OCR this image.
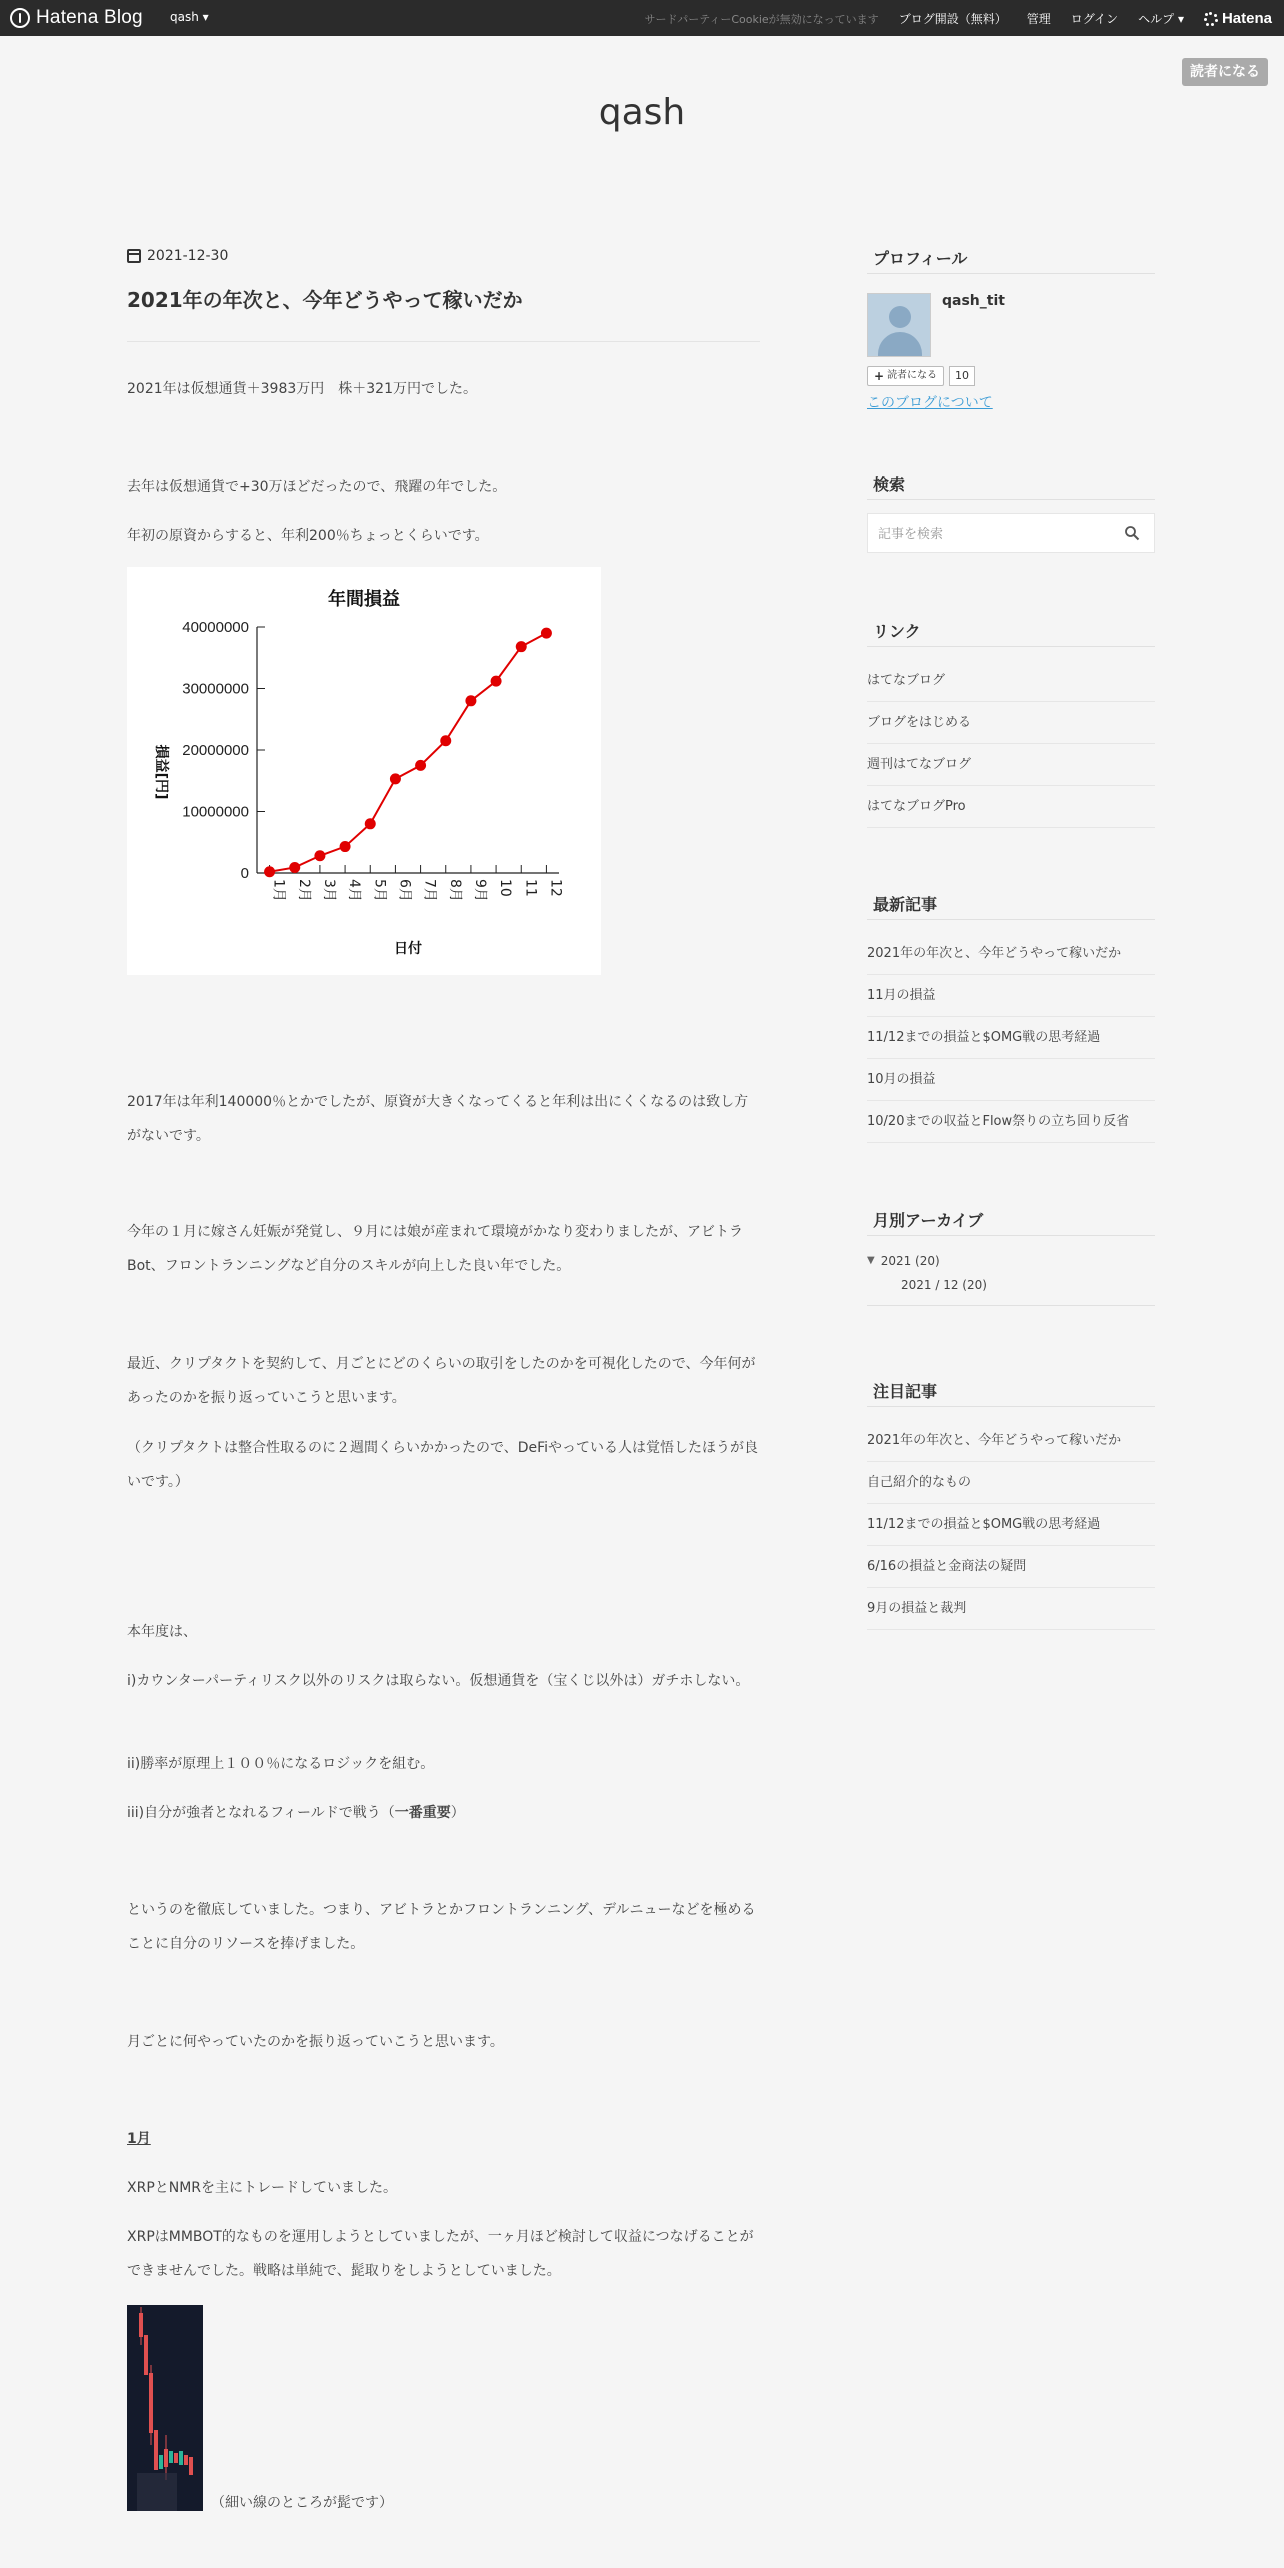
Hatena Blog qash ▾	サードパーティーCookieが無効になっています ブログ開設（無料） 管理 ログイン ヘルプ ▾	Hatena
読者になる
qash
2021-12-30
2021年の年次と、今年どうやって稼いだか
2021年は仮想通貨＋3983万円　株＋321万円でした。
去年は仮想通貨で+30万ほどだったので、飛躍の年でした。
年初の原資からすると、年利200％ちょっとくらいです。
年間損益
0
10000000
20000000
30000000
40000000
1月 2月 3月 4月 5月 6月 7月 8月 9月 10 11 12
日付
損益[円]
2017年は年利140000％とかでしたが、原資が大きくなってくると年利は出にくくなるのは致し方がないです。
今年の１月に嫁さん妊娠が発覚し、９月には娘が産まれて環境がかなり変わりましたが、アビトラBot、フロントランニングなど自分のスキルが向上した良い年でした。
最近、クリプタクトを契約して、月ごとにどのくらいの取引をしたのかを可視化したので、今年何があったのかを振り返っていこうと思います。
（クリプタクトは整合性取るのに２週間くらいかかったので、DeFiやっている人は覚悟したほうが良いです。）
本年度は、
i)カウンターパーティリスク以外のリスクは取らない。仮想通貨を（宝くじ以外は）ガチホしない。
ii)勝率が原理上１００％になるロジックを組む。
iii)自分が強者となれるフィールドで戦う（一番重要）
というのを徹底していました。つまり、アビトラとかフロントランニング、デルニューなどを極めることに自分のリソースを捧げました。
月ごとに何やっていたのかを振り返っていこうと思います。
1月
XRPとNMRを主にトレードしていました。
XRPはMMBOT的なものを運用しようとしていましたが、一ヶ月ほど検討して収益につなげることができませんでした。戦略は単純で、髭取りをしようとしていました。
（細い線のところが髭です）
プロフィール
qash_tit
+ 読者になる	10
このブログについて
検索
記事を検索
リンク
はてなブログ
ブログをはじめる
週刊はてなブログ
はてなブログPro
最新記事
2021年の年次と、今年どうやって稼いだか
11月の損益
11/12までの損益と$OMG戦の思考経過
10月の損益
10/20までの収益とFlow祭りの立ち回り反省
月別アーカイブ
▼ 2021 (20)
2021 / 12 (20)
注目記事
2021年の年次と、今年どうやって稼いだか
自己紹介的なもの
11/12までの損益と$OMG戦の思考経過
6/16の損益と金商法の疑問
9月の損益と裁判
